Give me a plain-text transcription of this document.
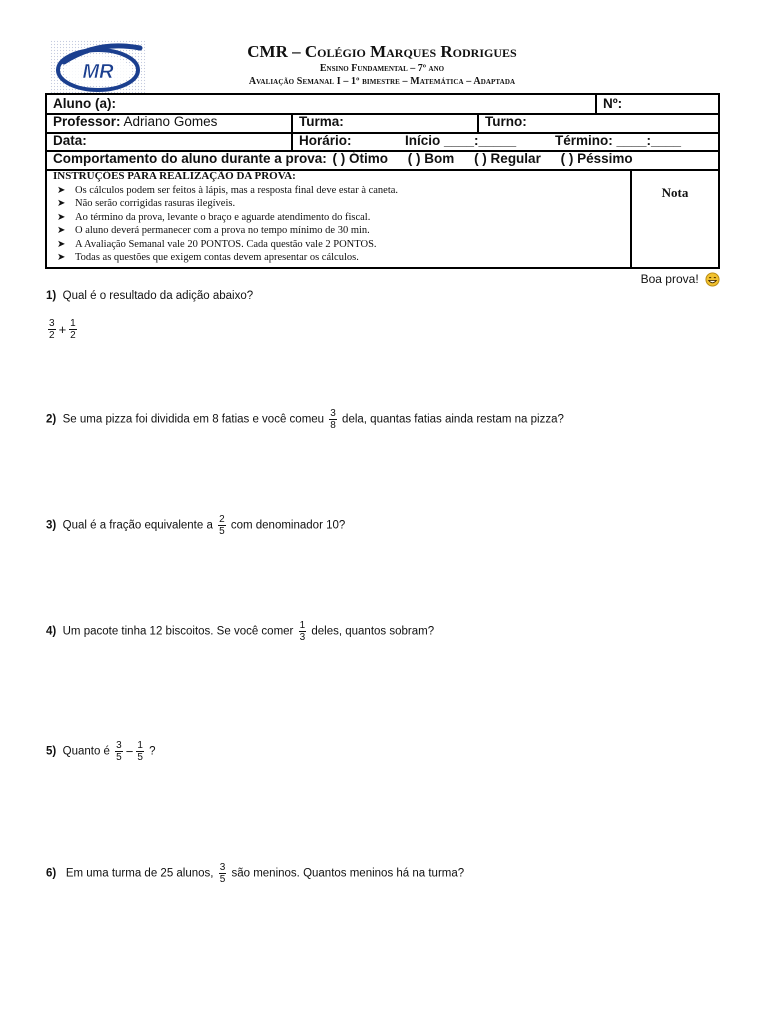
MR
CMR – Colégio Marques Rodrigues
Ensino Fundamental – 7º ano
Avaliação Semanal I – 1º bimestre – Matemática – Adaptada
Aluno (a):	Nº:
Professor: Adriano Gomes	Turma:	Turno:
Data:	Horário:	Início ____:_____	Término: ____:____
Comportamento do aluno durante a prova: ( ) Ótimo ( ) Bom ( ) Regular ( ) Péssimo
INSTRUÇÕES PARA REALIZAÇÃO DA PROVA:
➤ Os cálculos podem ser feitos à lápis, mas a resposta final deve estar à caneta.
➤ Não serão corrigidas rasuras ilegíveis.
➤ Ao término da prova, levante o braço e aguarde atendimento do fiscal.
➤ O aluno deverá permanecer com a prova no tempo mínimo de 30 min.
➤ A Avaliação Semanal vale 20 PONTOS. Cada questão vale 2 PONTOS.
➤ Todas as questões que exigem contas devem apresentar os cálculos.
Nota
Boa prova!
1) Qual é o resultado da adição abaixo?
$\frac{3}{2} + \frac{1}{2}$
2) Se uma pizza foi dividida em 8 fatias e você comeu $\frac{3}{8}$ dela, quantas fatias ainda restam na pizza?
3) Qual é a fração equivalente a $\frac{2}{5}$ com denominador 10?
4) Um pacote tinha 12 biscoitos. Se você comer $\frac{1}{3}$ deles, quantos sobram?
5) Quanto é $\frac{3}{5} - \frac{1}{5}$ ?
6) Em uma turma de 25 alunos, $\frac{3}{5}$ são meninos. Quantos meninos há na turma?
